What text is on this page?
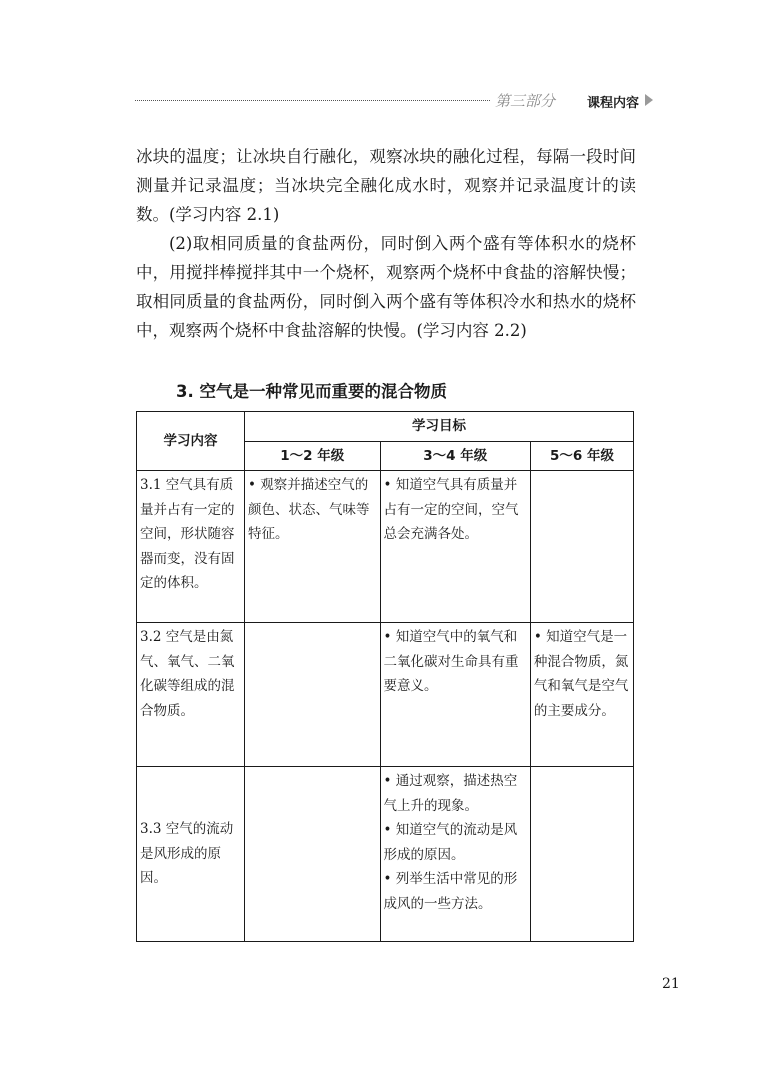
第三部分 课程内容

冰块的温度；让冰块自行融化，观察冰块的融化过程，每隔一段时间测量并记录温度；当冰块完全融化成水时，观察并记录温度计的读数。(学习内容 2.1)

(2)取相同质量的食盐两份，同时倒入两个盛有等体积水的烧杯中，用搅拌棒搅拌其中一个烧杯，观察两个烧杯中食盐的溶解快慢；取相同质量的食盐两份，同时倒入两个盛有等体积冷水和热水的烧杯中，观察两个烧杯中食盐溶解的快慢。(学习内容 2.2)

3. 空气是一种常见而重要的混合物质
学习内容	学习目标		
	1～2 年级	3～4 年级	5～6 年级
3.1 空气具有质量并占有一定的空间，形状随容器而变，没有固定的体积。	• 观察并描述空气的颜色、状态、气味等特征。	• 知道空气具有质量并占有一定的空间，空气总会充满各处。	

3.2 空气是由氮气、氧气、二氧化碳等组成的混合物质。		• 知道空气中的氧气和二氧化碳对生命具有重要意义。	• 知道空气是一种混合物质，氮气和氧气是空气的主要成分。

3.3 空气的流动是风形成的原因。		• 通过观察，描述热空气上升的现象。
• 知道空气的流动是风形成的原因。
• 列举生活中常见的形成风的一些方法。	

21
